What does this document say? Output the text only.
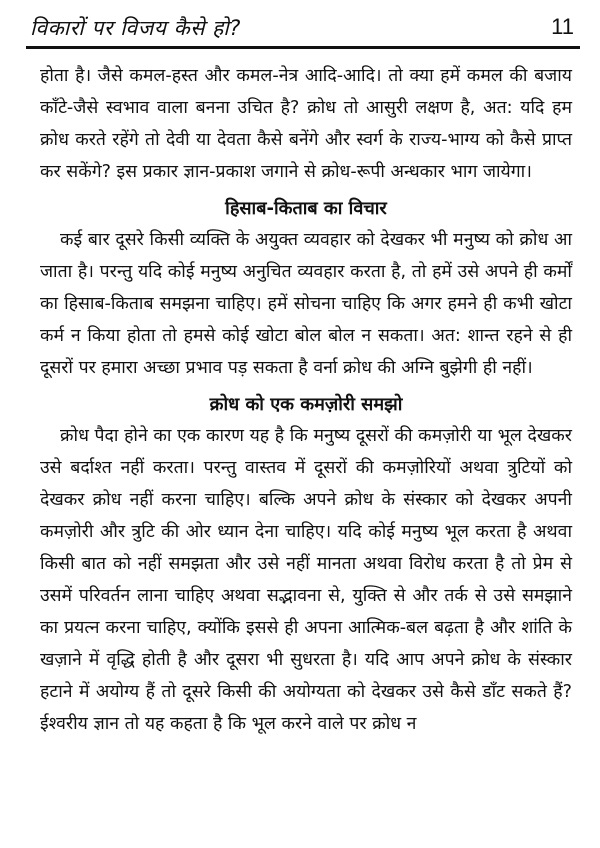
विकारों पर विजय कैसे हो?	11

होता है। जैसे कमल-हस्त और कमल-नेत्र आदि-आदि। तो क्या हमें कमल की बजाय काँटे-जैसे स्वभाव वाला बनना उचित है? क्रोध तो आसुरी लक्षण है, अत: यदि हम क्रोध करते रहेंगे तो देवी या देवता कैसे बनेंगे और स्वर्ग के राज्य-भाग्य को कैसे प्राप्त कर सकेंगे? इस प्रकार ज्ञान-प्रकाश जगाने से क्रोध-रूपी अन्धकार भाग जायेगा।

हिसाब-किताब का विचार

कई बार दूसरे किसी व्यक्ति के अयुक्त व्यवहार को देखकर भी मनुष्य को क्रोध आ जाता है। परन्तु यदि कोई मनुष्य अनुचित व्यवहार करता है, तो हमें उसे अपने ही कर्मों का हिसाब-किताब समझना चाहिए। हमें सोचना चाहिए कि अगर हमने ही कभी खोटा कर्म न किया होता तो हमसे कोई खोटा बोल बोल न सकता। अत: शान्त रहने से ही दूसरों पर हमारा अच्छा प्रभाव पड़ सकता है वर्ना क्रोध की अग्नि बुझेगी ही नहीं।

क्रोध को एक कमज़ोरी समझो

क्रोध पैदा होने का एक कारण यह है कि मनुष्य दूसरों की कमज़ोरी या भूल देखकर उसे बर्दाश्त नहीं करता। परन्तु वास्तव में दूसरों की कमज़ोरियों अथवा त्रुटियों को देखकर क्रोध नहीं करना चाहिए। बल्कि अपने क्रोध के संस्कार को देखकर अपनी कमज़ोरी और त्रुटि की ओर ध्यान देना चाहिए। यदि कोई मनुष्य भूल करता है अथवा किसी बात को नहीं समझता और उसे नहीं मानता अथवा विरोध करता है तो प्रेम से उसमें परिवर्तन लाना चाहिए अथवा सद्भावना से, युक्ति से और तर्क से उसे समझाने का प्रयत्न करना चाहिए, क्योंकि इससे ही अपना आत्मिक-बल बढ़ता है और शांति के खज़ाने में वृद्धि होती है और दूसरा भी सुधरता है। यदि आप अपने क्रोध के संस्कार हटाने में अयोग्य हैं तो दूसरे किसी की अयोग्यता को देखकर उसे कैसे डाँट सकते हैं? ईश्वरीय ज्ञान तो यह कहता है कि भूल करने वाले पर क्रोध न
